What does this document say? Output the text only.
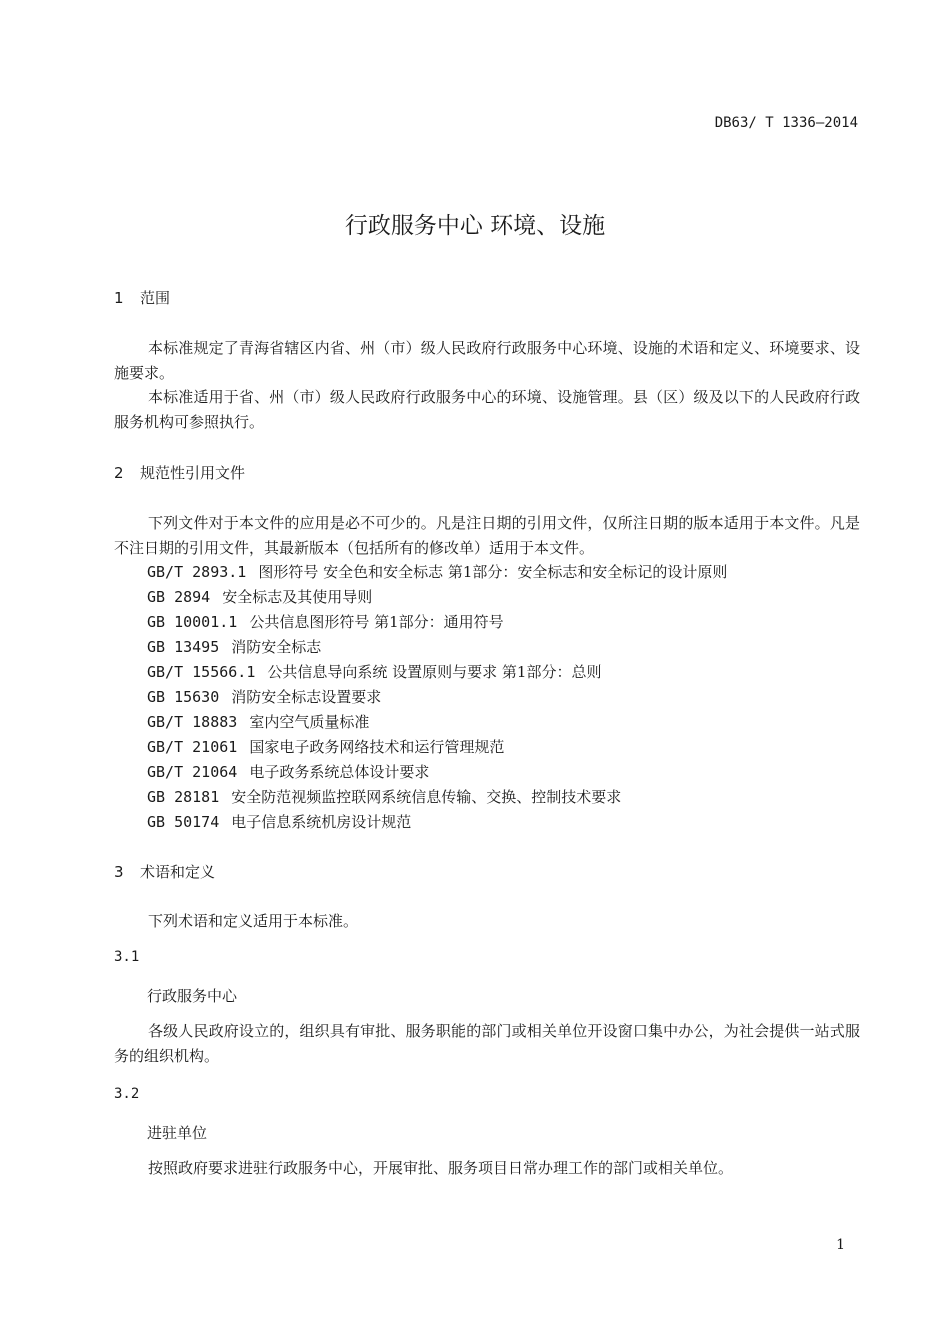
DB63/ T 1336—2014
行政服务中心 环境、设施
1 范围
本标准规定了青海省辖区内省、州（市）级人民政府行政服务中心环境、设施的术语和定义、环境要求、设施要求。
本标准适用于省、州（市）级人民政府行政服务中心的环境、设施管理。县（区）级及以下的人民政府行政服务机构可参照执行。
2 规范性引用文件
下列文件对于本文件的应用是必不可少的。凡是注日期的引用文件，仅所注日期的版本适用于本文件。凡是不注日期的引用文件，其最新版本（包括所有的修改单）适用于本文件。
GB/T 2893.1 图形符号 安全色和安全标志 第1部分：安全标志和安全标记的设计原则
GB 2894 安全标志及其使用导则
GB 10001.1 公共信息图形符号 第1部分：通用符号
GB 13495 消防安全标志
GB/T 15566.1 公共信息导向系统 设置原则与要求 第1部分：总则
GB 15630 消防安全标志设置要求
GB/T 18883 室内空气质量标准
GB/T 21061 国家电子政务网络技术和运行管理规范
GB/T 21064 电子政务系统总体设计要求
GB 28181 安全防范视频监控联网系统信息传输、交换、控制技术要求
GB 50174 电子信息系统机房设计规范
3 术语和定义
下列术语和定义适用于本标准。
3.1
行政服务中心
各级人民政府设立的，组织具有审批、服务职能的部门或相关单位开设窗口集中办公，为社会提供一站式服务的组织机构。
3.2
进驻单位
按照政府要求进驻行政服务中心，开展审批、服务项目日常办理工作的部门或相关单位。
1
